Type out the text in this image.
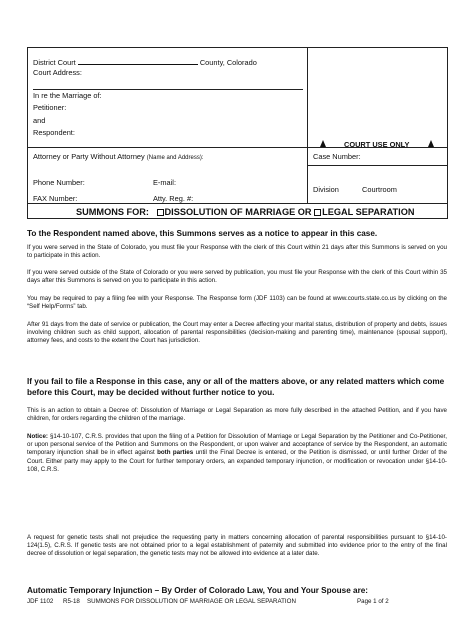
District Court	County, Colorado
Court Address:
In re the Marriage of:
Petitioner:
and
Respondent:
COURT USE ONLY
Attorney or Party Without Attorney (Name and Address):	Case Number:
Phone Number:	E-mail:
Division	Courtroom
FAX Number:	Atty. Reg. #:
SUMMONS FOR: DISSOLUTION OF MARRIAGE OR LEGAL SEPARATION
To the Respondent named above, this Summons serves as a notice to appear in this case.
If you were served in the State of Colorado, you must file your Response with the clerk of this Court within 21 days after this Summons is served on you to participate in this action.
If you were served outside of the State of Colorado or you were served by publication, you must file your Response with the clerk of this Court within 35 days after this Summons is served on you to participate in this action.
You may be required to pay a filing fee with your Response. The Response form (JDF 1103) can be found at www.courts.state.co.us by clicking on the “Self Help/Forms” tab.
After 91 days from the date of service or publication, the Court may enter a Decree affecting your marital status, distribution of property and debts, issues involving children such as child support, allocation of parental responsibilities (decision-making and parenting time), maintenance (spousal support), attorney fees, and costs to the extent the Court has jurisdiction.
If you fail to file a Response in this case, any or all of the matters above, or any related matters which come before this Court, may be decided without further notice to you.
This is an action to obtain a Decree of: Dissolution of Marriage or Legal Separation as more fully described in the attached Petition, and if you have children, for orders regarding the children of the marriage.
Notice: §14-10-107, C.R.S. provides that upon the filing of a Petition for Dissolution of Marriage or Legal Separation by the Petitioner and Co-Petitioner, or upon personal service of the Petition and Summons on the Respondent, or upon waiver and acceptance of service by the Respondent, an automatic temporary injunction shall be in effect against both parties until the Final Decree is entered, or the Petition is dismissed, or until further Order of the Court. Either party may apply to the Court for further temporary orders, an expanded temporary injunction, or modification or revocation under §14-10-108, C.R.S.
A request for genetic tests shall not prejudice the requesting party in matters concerning allocation of parental responsibilities pursuant to §14-10-124(1.5), C.R.S. If genetic tests are not obtained prior to a legal establishment of paternity and submitted into evidence prior to the entry of the final decree of dissolution or legal separation, the genetic tests may not be allowed into evidence at a later date.
Automatic Temporary Injunction – By Order of Colorado Law, You and Your Spouse are:
JDF 1102 R5-18 SUMMONS FOR DISSOLUTION OF MARRIAGE OR LEGAL SEPARATION	Page 1 of 2
